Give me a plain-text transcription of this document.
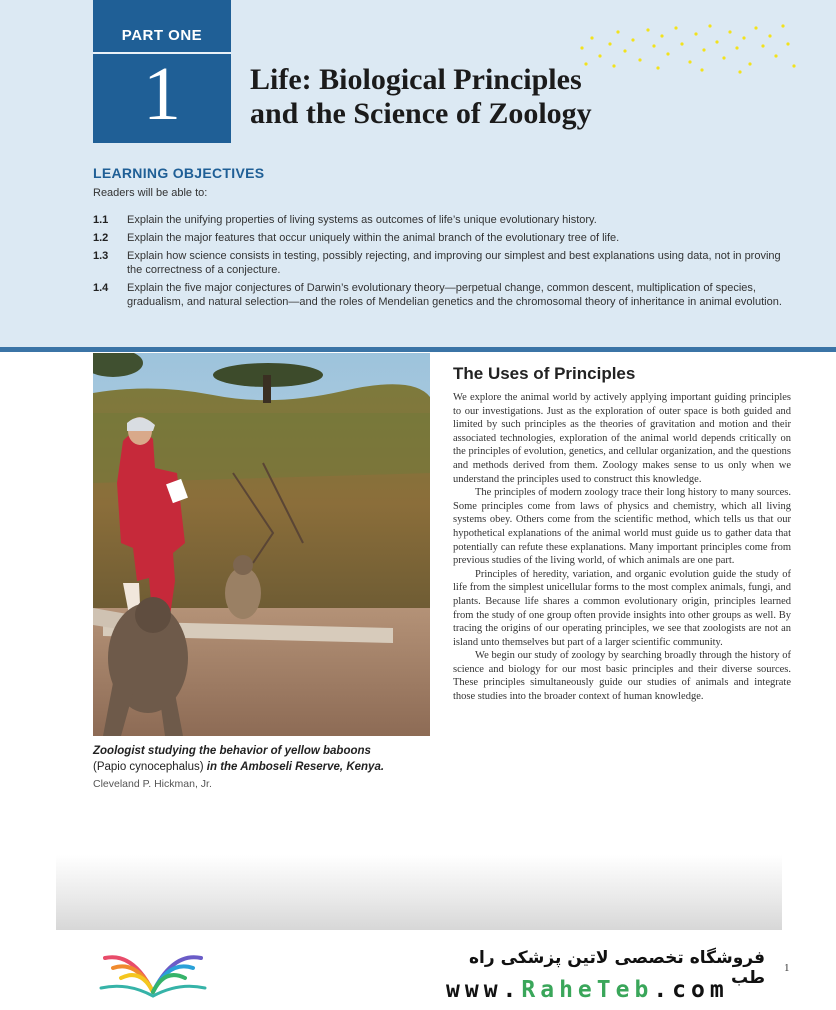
PART ONE
1	Life: Biological Principles
and the Science of Zoology
LEARNING OBJECTIVES
Readers will be able to:
1.1	Explain the unifying properties of living systems as outcomes of life’s unique evolutionary history.
1.2	Explain the major features that occur uniquely within the animal branch of the evolutionary tree of life.
1.3	Explain how science consists in testing, possibly rejecting, and improving our simplest and best explanations using data, not in proving the correctness of a conjecture.
1.4	Explain the five major conjectures of Darwin’s evolutionary theory—perpetual change, common descent, multiplication of species, gradualism, and natural selection—and the roles of Mendelian genetics and the chromosomal theory of inheritance in animal evolution.
Zoologist studying the behavior of yellow baboons
(Papio cynocephalus) in the Amboseli Reserve, Kenya.
Cleveland P. Hickman, Jr.
The Uses of Principles

We explore the animal world by actively applying important guiding principles to our investigations. Just as the exploration of outer space is both guided and limited by such principles as the theories of gravitation and motion and their associated technologies, exploration of the animal world depends critically on the principles of evolution, genetics, and cellular organization, and the questions and methods derived from them. Zoology makes sense to us only when we understand the principles used to construct this knowledge.

The principles of modern zoology trace their long history to many sources. Some principles come from laws of physics and chemistry, which all living systems obey. Others come from the scientific method, which tells us that our hypothetical explanations of the animal world must guide us to gather data that potentially can refute these explanations. Many important principles come from previous studies of the living world, of which animals are one part.

Principles of heredity, variation, and organic evolution guide the study of life from the simplest unicellular forms to the most complex animals, fungi, and plants. Because life shares a common evolutionary origin, principles learned from the study of one group often provide insights into other groups as well. By tracing the origins of our operating principles, we see that zoologists are not an island unto themselves but part of a larger scientific community.

We begin our study of zoology by searching broadly through the history of science and biology for our most basic principles and their diverse sources. These principles simultaneously guide our studies of animals and integrate those studies into the broader context of human knowledge.

فروشگاه تخصصی لاتین پزشکی راه طب
www.RaheTeb.com
1
